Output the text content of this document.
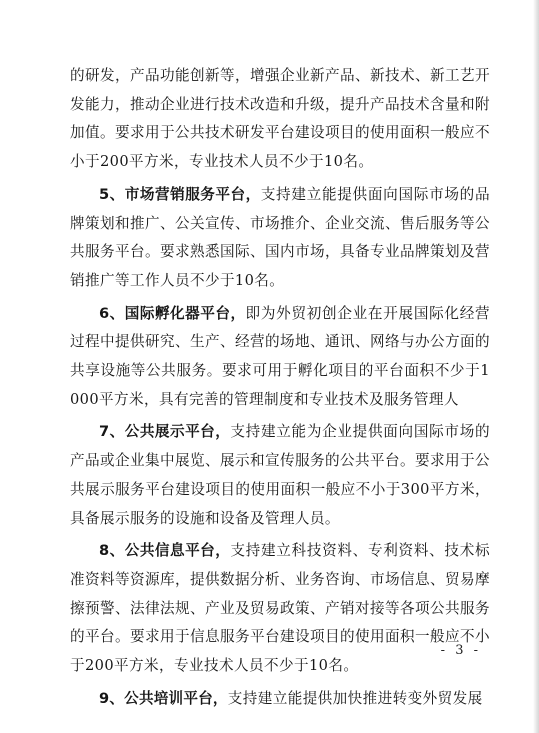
的研发，产品功能创新等，增强企业新产品、新技术、新工艺开发能力，推动企业进行技术改造和升级，提升产品技术含量和附加值。要求用于公共技术研发平台建设项目的使用面积一般应不小于200平方米，专业技术人员不少于10名。

5、市场营销服务平台，支持建立能提供面向国际市场的品牌策划和推广、公关宣传、市场推介、企业交流、售后服务等公共服务平台。要求熟悉国际、国内市场，具备专业品牌策划及营销推广等工作人员不少于10名。

6、国际孵化器平台，即为外贸初创企业在开展国际化经营过程中提供研究、生产、经营的场地、通讯、网络与办公方面的共享设施等公共服务。要求可用于孵化项目的平台面积不少于1000平方米，具有完善的管理制度和专业技术及服务管理人

7、公共展示平台，支持建立能为企业提供面向国际市场的产品或企业集中展览、展示和宣传服务的公共平台。要求用于公共展示服务平台建设项目的使用面积一般应不小于300平方米，具备展示服务的设施和设备及管理人员。

8、公共信息平台，支持建立科技资料、专利资料、技术标准资料等资源库，提供数据分析、业务咨询、市场信息、贸易摩擦预警、法律法规、产业及贸易政策、产销对接等各项公共服务的平台。要求用于信息服务平台建设项目的使用面积一般应不小于200平方米，专业技术人员不少于10名。

9、公共培训平台，支持建立能提供加快推进转变外贸发展

- 3 -
